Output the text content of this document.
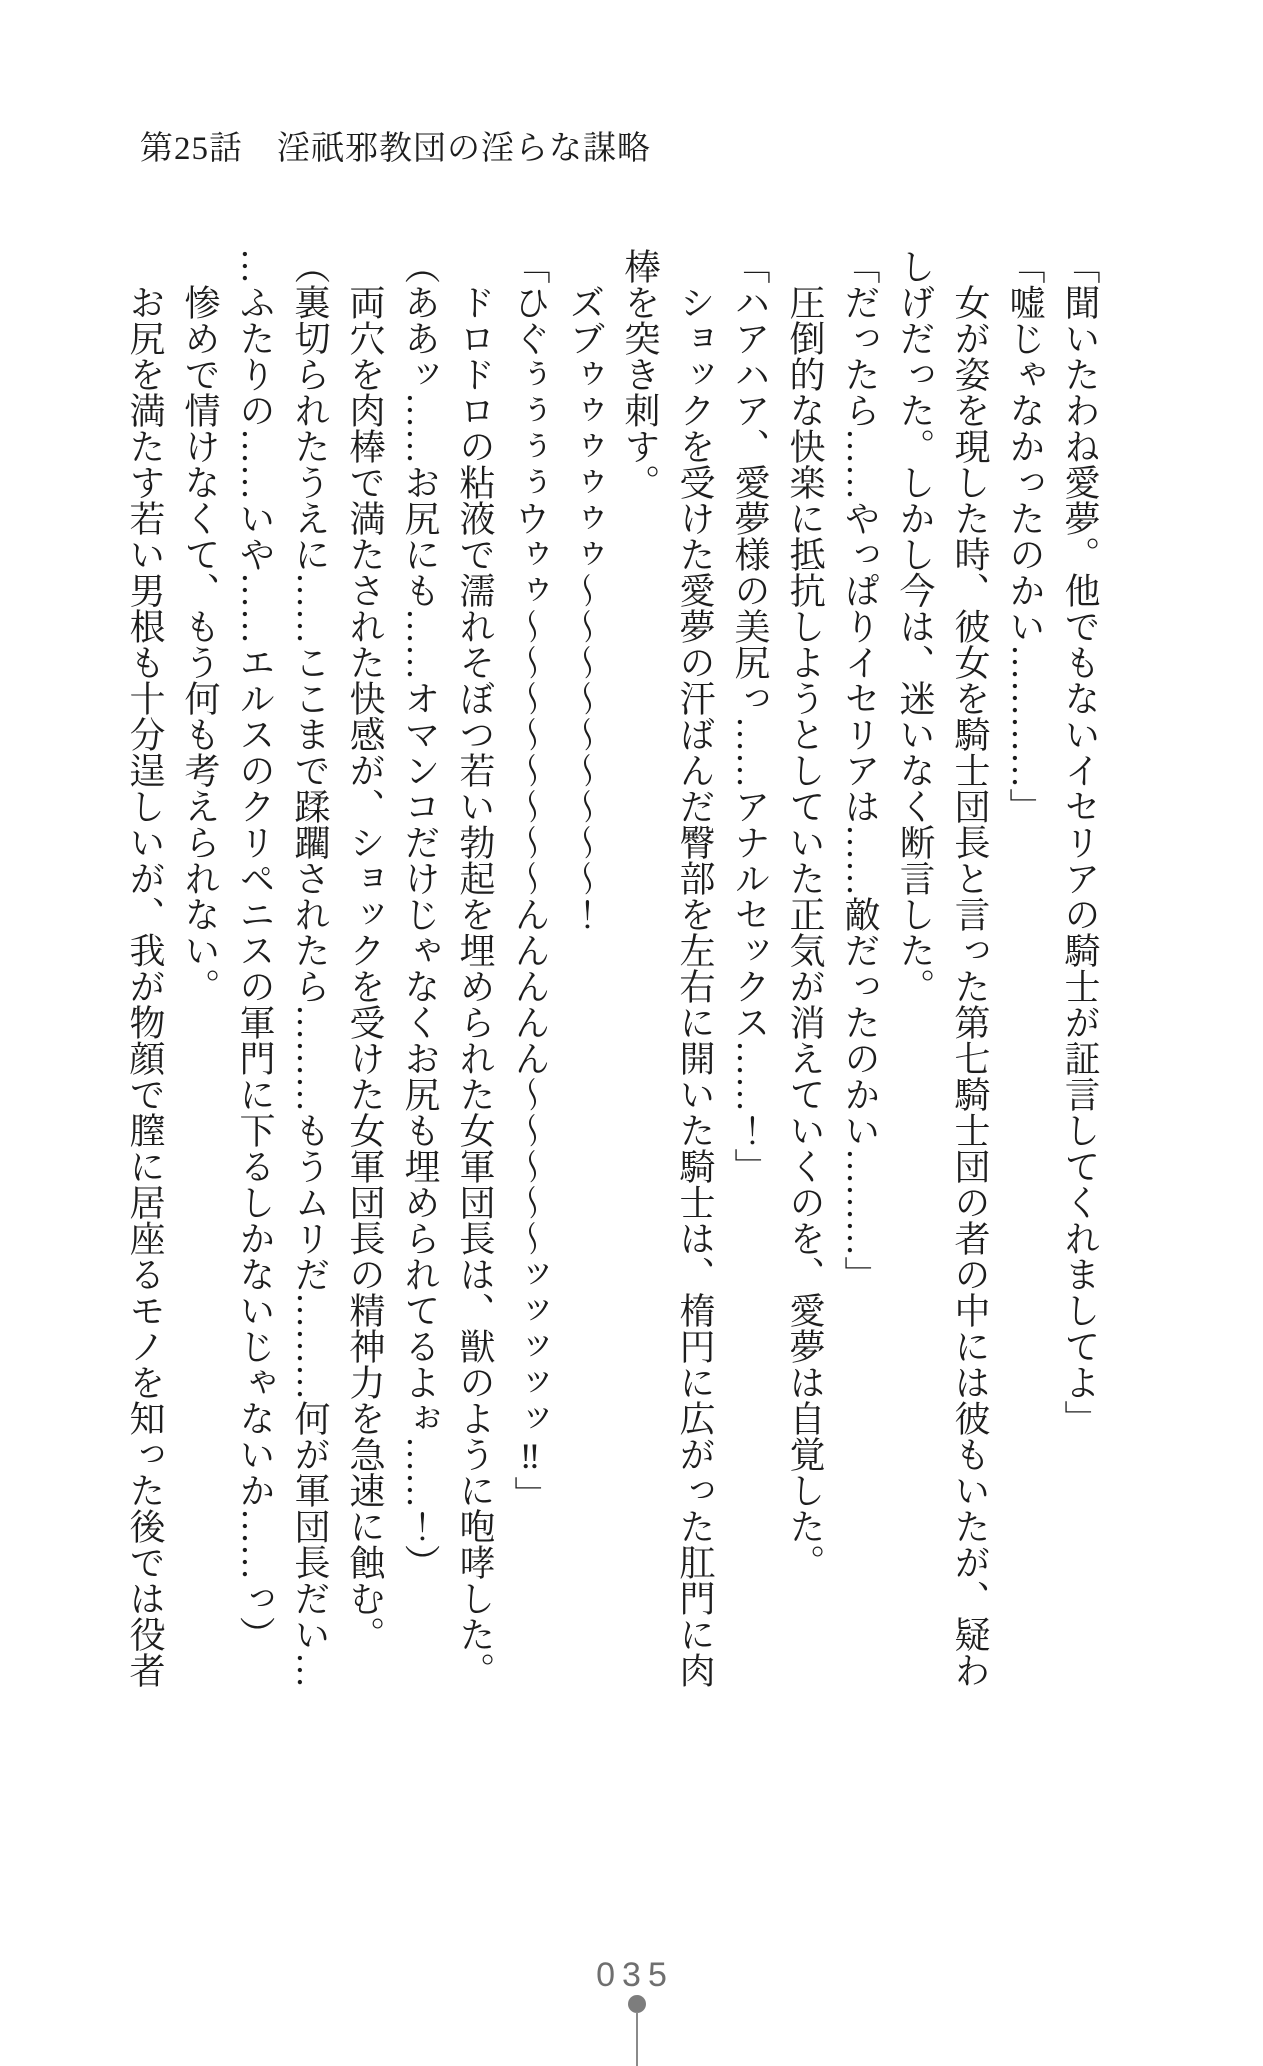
第25話　淫祇邪教団の淫らな謀略
「聞いたわね愛夢。他でもないイセリアの騎士が証言してくれましてよ」
「嘘じゃなかったのかい…………」
　女が姿を現した時、彼女を騎士団長と言った第七騎士団の者の中には彼もいたが、疑わ
しげだった。しかし今は、迷いなく断言した。
「だったら……やっぱりイセリアは……敵だったのかい………」
　圧倒的な快楽に抵抗しようとしていた正気が消えていくのを、愛夢は自覚した。
「ハアハア、愛夢様の美尻っ……アナルセックス……！」
　ショックを受けた愛夢の汗ばんだ臀部を左右に開いた騎士は、楕円に広がった肛門に肉
棒を突き刺す。
　ズブゥゥゥゥゥゥ～～～～～～～～～！
「ひぐぅぅぅぅウゥゥ～～～～～～～～んんんんん～～～～～ッッッッッ‼」
　ドロドロの粘液で濡れそぼつ若い勃起を埋められた女軍団長は、獣のように咆哮した。
（ああッ……お尻にも……オマンコだけじゃなくお尻も埋められてるよぉ……！）
　両穴を肉棒で満たされた快感が、ショックを受けた女軍団長の精神力を急速に蝕む。
（裏切られたうえに……ここまで蹂躙されたら………もうムリだ………何が軍団長だい…
…ふたりの……いや……エルスのクリペニスの軍門に下るしかないじゃないか……っ）
　惨めで情けなくて、もう何も考えられない。
　お尻を満たす若い男根も十分逞しいが、我が物顔で膣に居座るモノを知った後では役者
035
